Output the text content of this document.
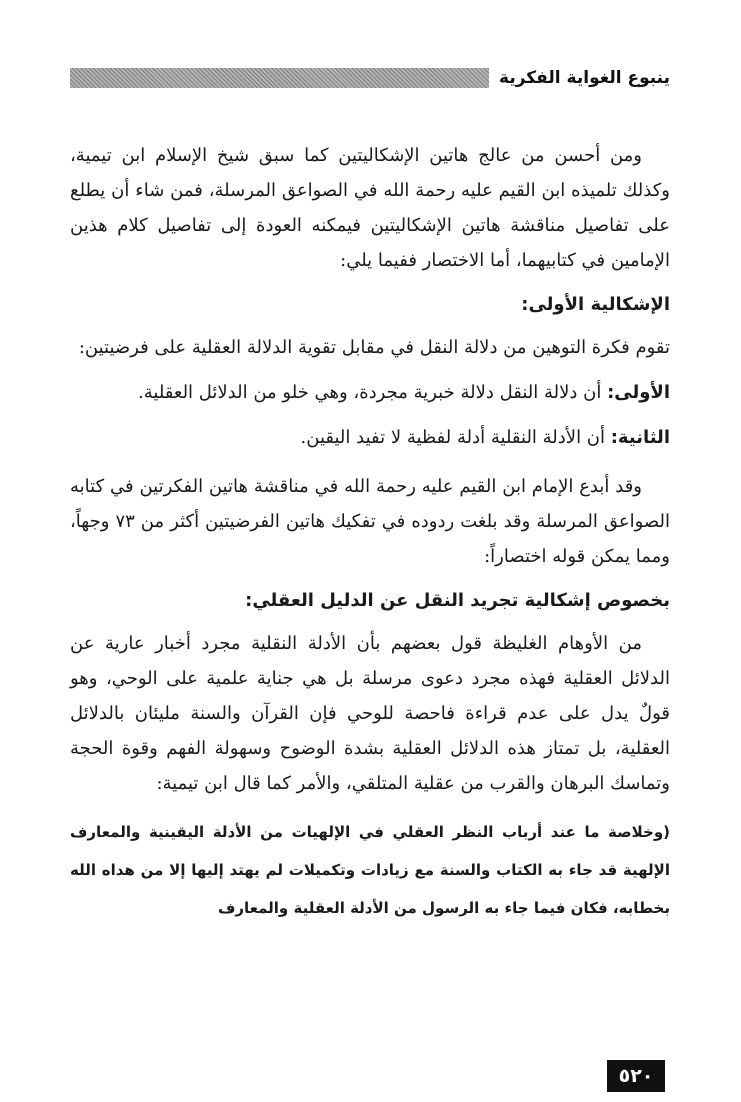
ينبوع الغواية الفكرية

ومن أحسن من عالج هاتين الإشكاليتين كما سبق شيخ الإسلام ابن تيمية، وكذلك تلميذه ابن القيم عليه رحمة الله في الصواعق المرسلة، فمن شاء أن يطلع على تفاصيل مناقشة هاتين الإشكاليتين فيمكنه العودة إلى تفاصيل كلام هذين الإمامين في كتابيهما، أما الاختصار ففيما يلي:

الإشكالية الأولى:
تقوم فكرة التوهين من دلالة النقل في مقابل تقوية الدلالة العقلية على فرضيتين:
الأولى: أن دلالة النقل دلالة خبرية مجردة، وهي خلو من الدلائل العقلية.
الثانية: أن الأدلة النقلية أدلة لفظية لا تفيد اليقين.

وقد أبدع الإمام ابن القيم عليه رحمة الله في مناقشة هاتين الفكرتين في كتابه الصواعق المرسلة وقد بلغت ردوده في تفكيك هاتين الفرضيتين أكثر من ٧٣ وجهاً، ومما يمكن قوله اختصاراً:

بخصوص إشكالية تجريد النقل عن الدليل العقلي:

من الأوهام الغليظة قول بعضهم بأن الأدلة النقلية مجرد أخبار عارية عن الدلائل العقلية فهذه مجرد دعوى مرسلة بل هي جناية علمية على الوحي، وهو قولٌ يدل على عدم قراءة فاحصة للوحي فإن القرآن والسنة مليئان بالدلائل العقلية، بل تمتاز هذه الدلائل العقلية بشدة الوضوح وسهولة الفهم وقوة الحجة وتماسك البرهان والقرب من عقلية المتلقي، والأمر كما قال ابن تيمية:

(وخلاصة ما عند أرباب النظر العقلي في الإلهيات من الأدلة اليقينية والمعارف الإلهية قد جاء به الكتاب والسنة مع زيادات وتكميلات لم يهتد إليها إلا من هداه الله بخطابه، فكان فيما جاء به الرسول من الأدلة العقلية والمعارف

٥٢٠
